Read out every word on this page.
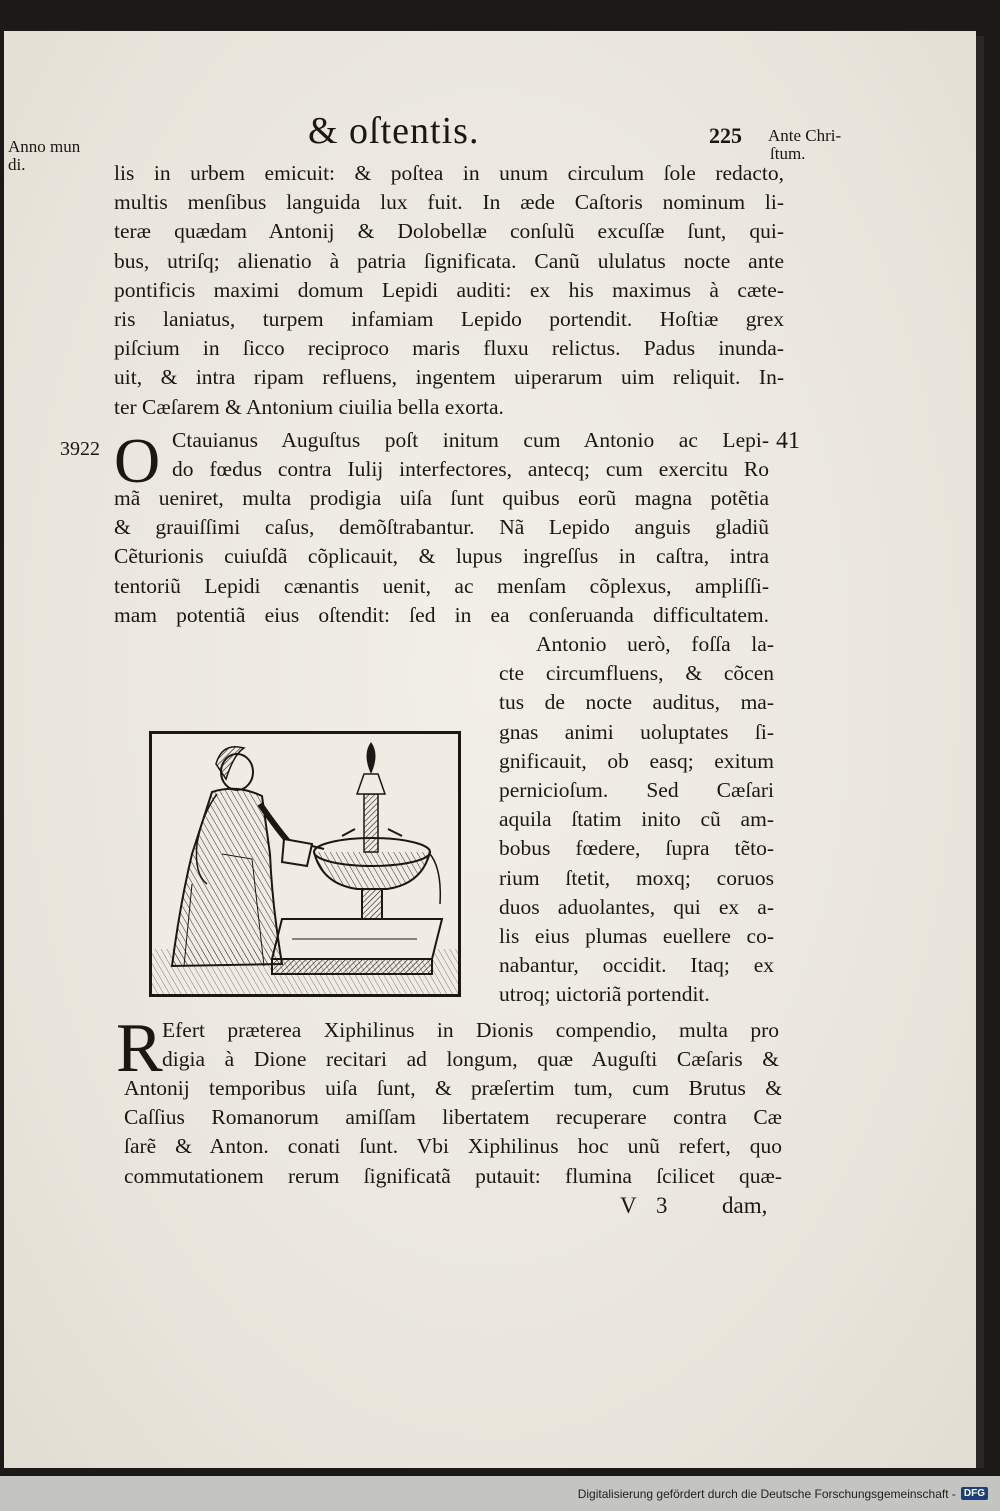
Anno mun
di.
& oſtentis.	225 Ante Chri-
ſtum.
lis in urbem emicuit: & poſtea in unum circulum ſole redacto,
multis menſibus languida lux fuit. In æde Caſtoris nominum li-
teræ quædam Antonij & Dolobellæ conſulũ excuſſæ ſunt, qui-
bus, utriſq; alienatio à patria ſignificata. Canũ ululatus nocte ante
pontificis maximi domum Lepidi auditi: ex his maximus à cæte-
ris laniatus, turpem infamiam Lepido portendit. Hoſtiæ grex
piſcium in ſicco reciproco maris fluxu relictus. Padus inunda-
uit, & intra ripam refluens, ingentem uiperarum uim reliquit. In-
ter Cæſarem & Antonium ciuilia bella exorta.
3922	41
O Ctauianus Auguſtus poſt initum cum Antonio ac Lepi-
do fœdus contra Iulij interfectores, antecq; cum exercitu Ro
mã ueniret, multa prodigia uiſa ſunt quibus eorũ magna potẽtia
& grauiſſimi caſus, demõſtrabantur. Nã Lepido anguis gladiũ
Cẽturionis cuiuſdã cõplicauit, & lupus ingreſſus in caſtra, intra
tentoriũ Lepidi cænantis uenit, ac menſam cõplexus, ampliſſi-
mam potentiã eius oſtendit: ſed in ea conſeruanda difficultatem.
Antonio uerò, foſſa la-
cte circumfluens, & cõcen
tus de nocte auditus, ma-
gnas animi uoluptates ſi-
gnificauit, ob easq; exitum
pernicioſum. Sed Cæſari
aquila ſtatim inito cũ am-
bobus fœdere, ſupra tẽto-
rium ſtetit, moxq; coruos
duos aduolantes, qui ex a-
lis eius plumas euellere co-
nabantur, occidit. Itaq; ex
utroq; uictoriã portendit.
R Efert præterea Xiphilinus in Dionis compendio, multa pro
digia à Dione recitari ad longum, quæ Auguſti Cæſaris &
Antonij temporibus uiſa ſunt, & præſertim tum, cum Brutus &
Caſſius Romanorum amiſſam libertatem recuperare contra Cæ
ſarẽ & Anton. conati ſunt. Vbi Xiphilinus hoc unũ refert, quo
commutationem rerum ſignificatã putauit: flumina ſcilicet quæ-
V 3 dam,
Digitalisierung gefördert durch die Deutsche Forschungsgemeinschaft - DFG
